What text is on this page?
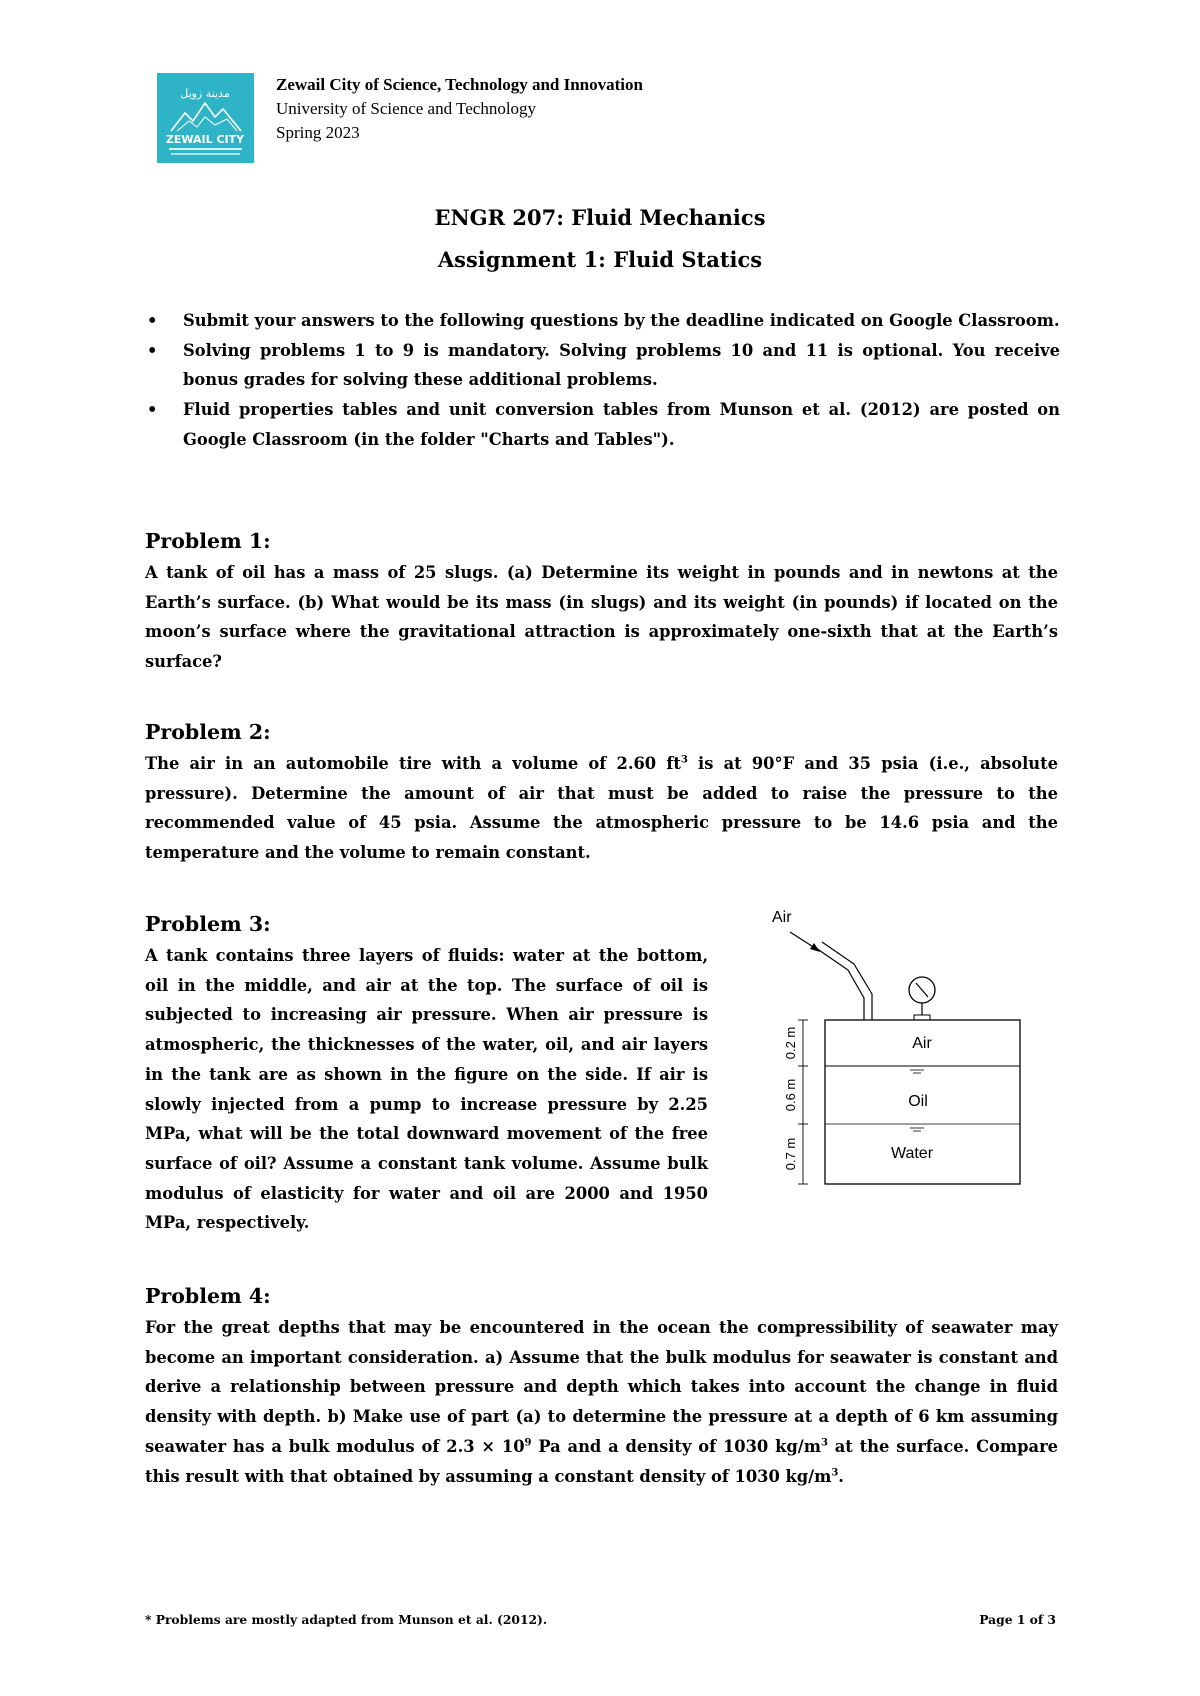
مدينة زويل
ZEWAIL CITY
Zewail City of Science, Technology and Innovation
University of Science and Technology
Spring 2023
ENGR 207: Fluid Mechanics
Assignment 1: Fluid Statics
• Submit your answers to the following questions by the deadline indicated on Google Classroom.
• Solving problems 1 to 9 is mandatory. Solving problems 10 and 11 is optional. You receive bonus grades for solving these additional problems.
• Fluid properties tables and unit conversion tables from Munson et al. (2012) are posted on Google Classroom (in the folder "Charts and Tables").
Problem 1:
A tank of oil has a mass of 25 slugs. (a) Determine its weight in pounds and in newtons at the Earth’s surface. (b) What would be its mass (in slugs) and its weight (in pounds) if located on the moon’s surface where the gravitational attraction is approximately one-sixth that at the Earth’s surface?
Problem 2:
The air in an automobile tire with a volume of 2.60 $ft^3$ is at 90°F and 35 psia (i.e., absolute pressure). Determine the amount of air that must be added to raise the pressure to the recommended value of 45 psia. Assume the atmospheric pressure to be 14.6 psia and the temperature and the volume to remain constant.
Problem 3:
A tank contains three layers of fluids: water at the bottom, oil in the middle, and air at the top. The surface of oil is subjected to increasing air pressure. When air pressure is atmospheric, the thicknesses of the water, oil, and air layers in the tank are as shown in the figure on the side. If air is slowly injected from a pump to increase pressure by 2.25 MPa, what will be the total downward movement of the free surface of oil? Assume a constant tank volume. Assume bulk modulus of elasticity for water and oil are 2000 and 1950 MPa, respectively.
Air
Air
Oil
Water
0.2 m
0.6 m
0.7 m
Problem 4:
For the great depths that may be encountered in the ocean the compressibility of seawater may become an important consideration. a) Assume that the bulk modulus for seawater is constant and derive a relationship between pressure and depth which takes into account the change in fluid density with depth. b) Make use of part (a) to determine the pressure at a depth of 6 km assuming seawater has a bulk modulus of $2.3 \times 10^9$ Pa and a density of 1030 $kg/m^3$ at the surface. Compare this result with that obtained by assuming a constant density of 1030 $kg/m^3$.
* Problems are mostly adapted from Munson et al. (2012).	Page 1 of 3
